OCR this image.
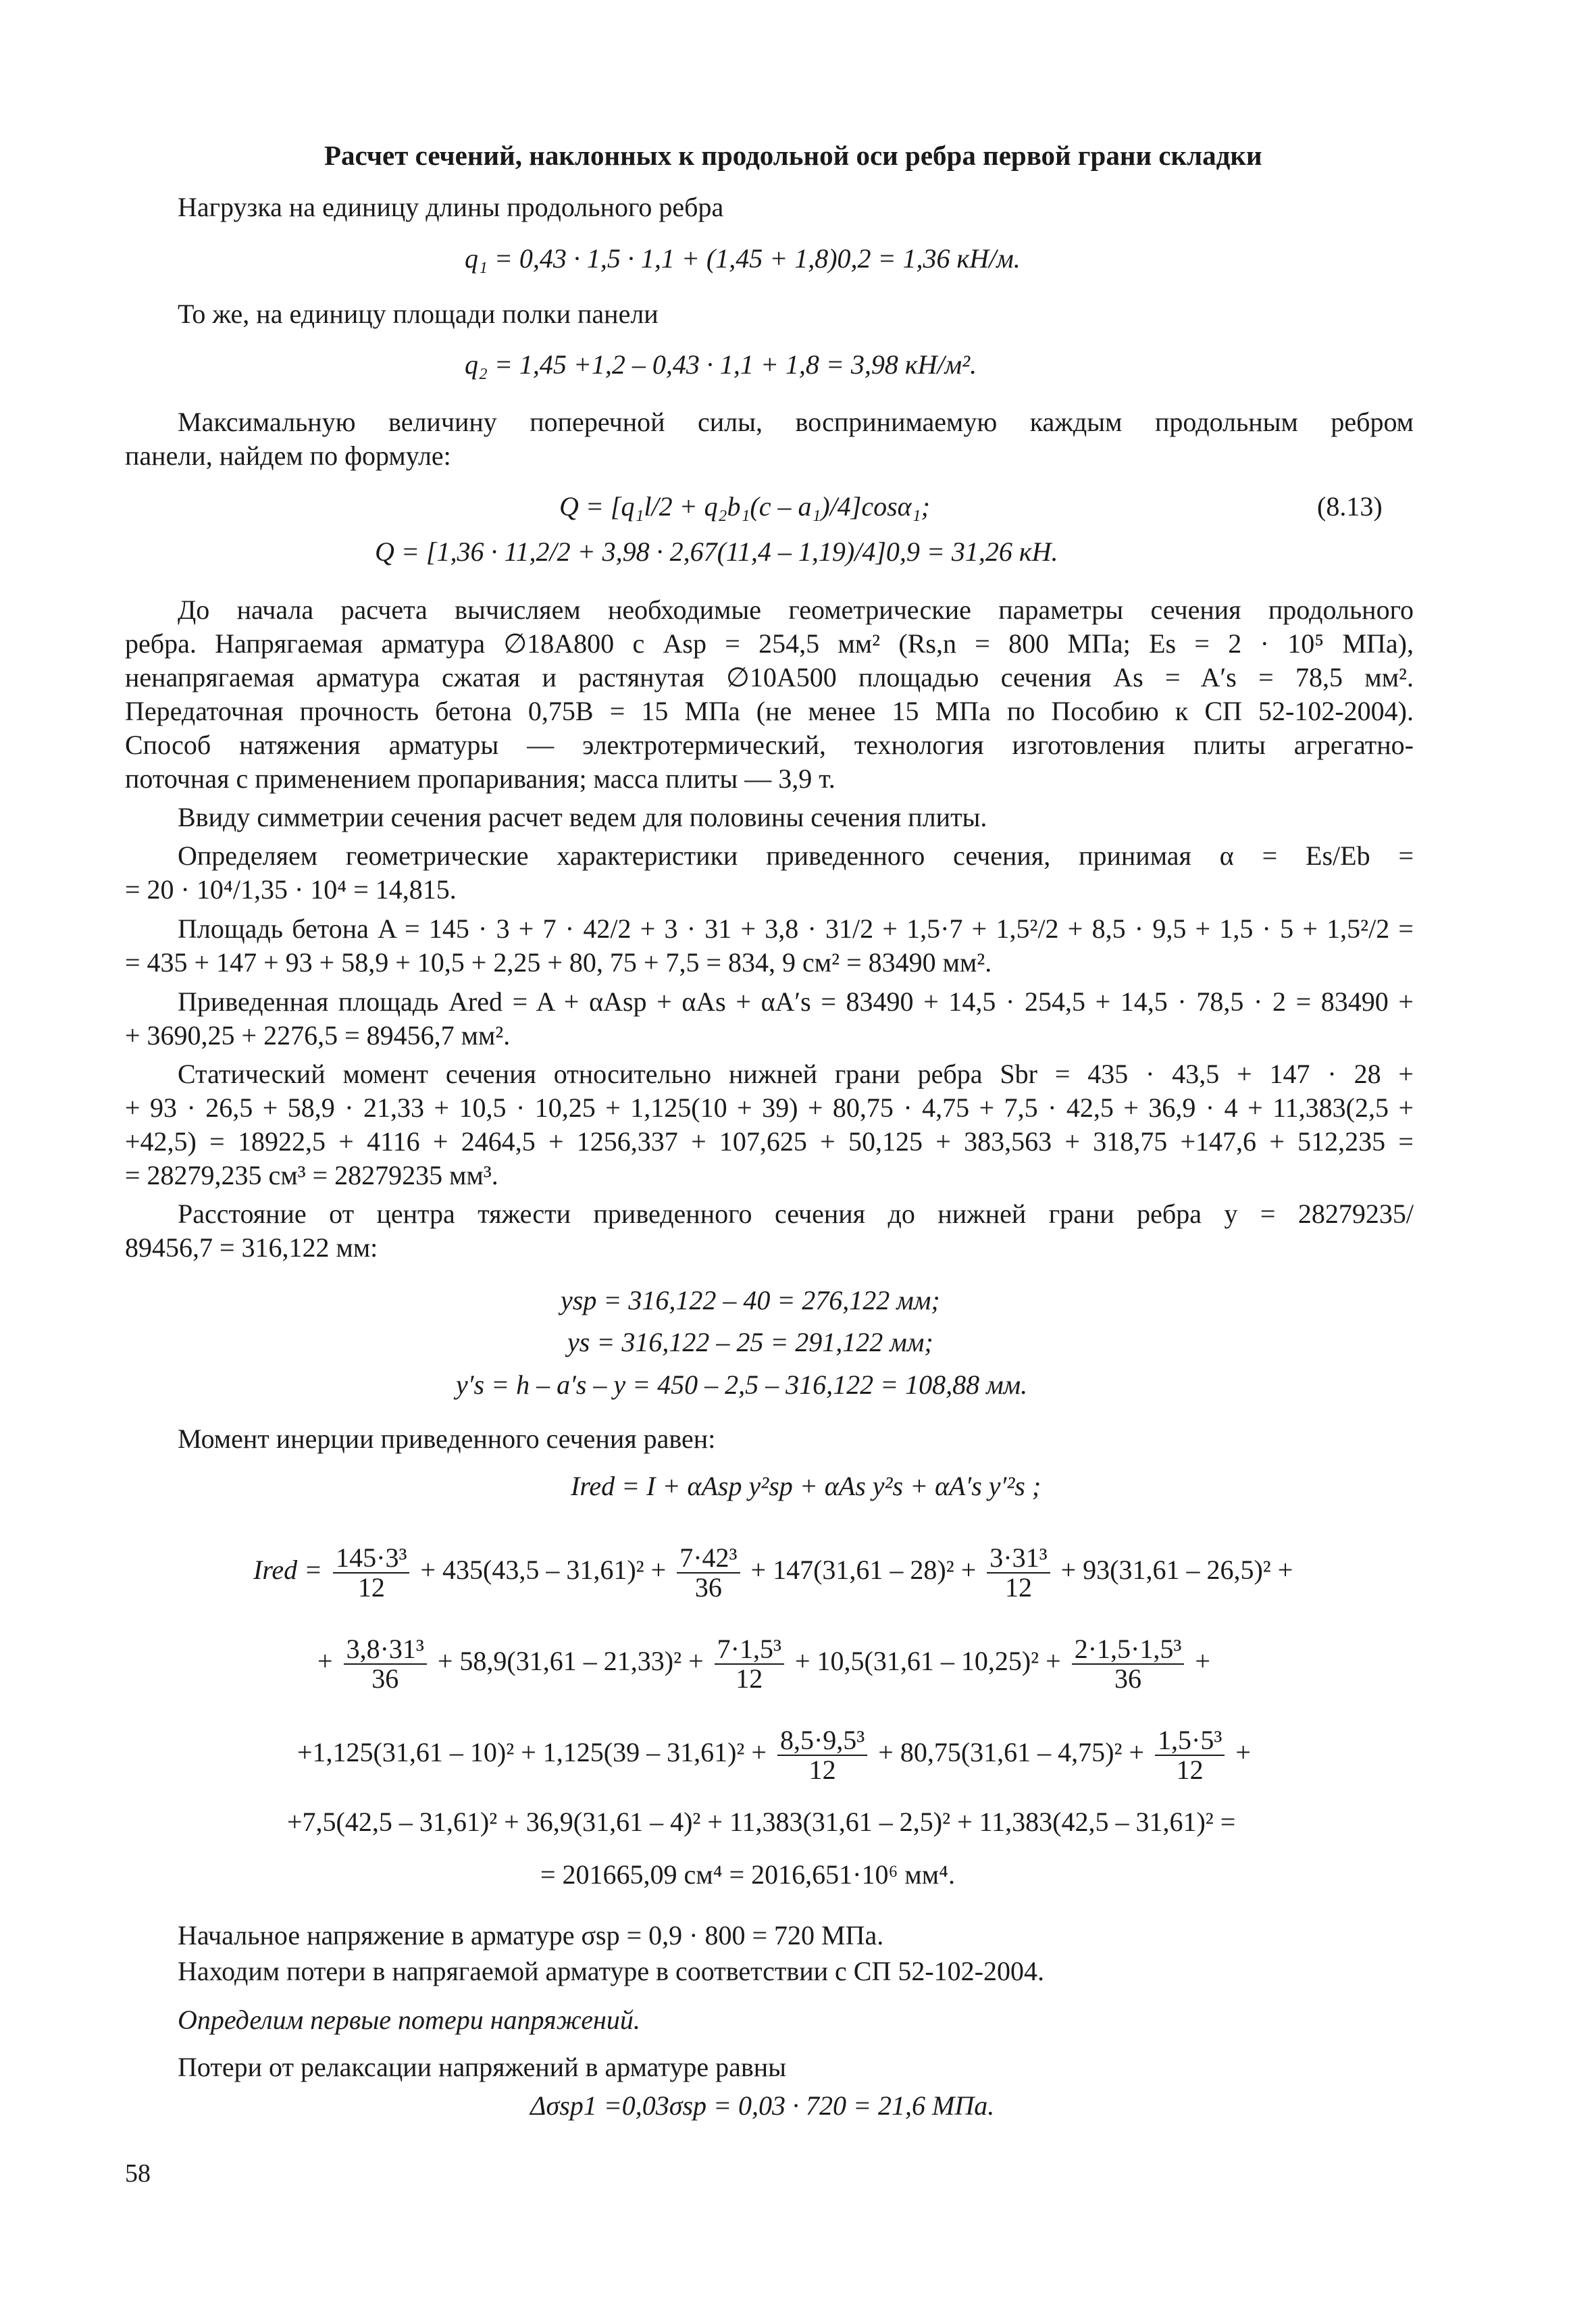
Расчет сечений, наклонных к продольной оси ребра первой грани складки
Нагрузка на единицу длины продольного ребра
q₁ = 0,43 · 1,5 · 1,1 + (1,45 + 1,8)0,2 = 1,36 кН/м.
То же, на единицу площади полки панели
q₂ = 1,45 +1,2 – 0,43 · 1,1 + 1,8 = 3,98 кН/м².
Максимальную величину поперечной силы, воспринимаемую каждым продольным ребром
панели, найдем по формуле:
Q = [q₁l/2 + q₂b₁(c – a₁)/4]cosα₁;	(8.13)
Q = [1,36 · 11,2/2 + 3,98 · 2,67(11,4 – 1,19)/4]0,9 = 31,26 кН.
До начала расчета вычисляем необходимые геометрические параметры сечения продольного
ребра. Напрягаемая арматура ∅18А800 с Asp = 254,5 мм² (Rs,n = 800 МПа; Es = 2 · 10⁵ МПа),
ненапрягаемая арматура сжатая и растянутая ∅10А500 площадью сечения As = A′s = 78,5 мм².
Передаточная прочность бетона 0,75В = 15 МПа (не менее 15 МПа по Пособию к СП 52-102-2004).
Способ натяжения арматуры — электротермический, технология изготовления плиты агрегатно-
поточная с применением пропаривания; масса плиты — 3,9 т.
Ввиду симметрии сечения расчет ведем для половины сечения плиты.
Определяем геометрические характеристики приведенного сечения, принимая α = Es/Eb =
= 20 · 10⁴/1,35 · 10⁴ = 14,815.
Площадь бетона A = 145 · 3 + 7 · 42/2 + 3 · 31 + 3,8 · 31/2 + 1,5·7 + 1,5²/2 + 8,5 · 9,5 + 1,5 · 5 + 1,5²/2 =
= 435 + 147 + 93 + 58,9 + 10,5 + 2,25 + 80, 75 + 7,5 = 834, 9 см² = 83490 мм².
Приведенная площадь Ared = A + αAsp + αAs + αA′s = 83490 + 14,5 · 254,5 + 14,5 · 78,5 · 2 = 83490 +
+ 3690,25 + 2276,5 = 89456,7 мм².
Статический момент сечения относительно нижней грани ребра Sbr = 435 · 43,5 + 147 · 28 +
+ 93 · 26,5 + 58,9 · 21,33 + 10,5 · 10,25 + 1,125(10 + 39) + 80,75 · 4,75 + 7,5 · 42,5 + 36,9 · 4 + 11,383(2,5 +
+42,5) = 18922,5 + 4116 + 2464,5 + 1256,337 + 107,625 + 50,125 + 383,563 + 318,75 +147,6 + 512,235 =
= 28279,235 см³ = 28279235 мм³.
Расстояние от центра тяжести приведенного сечения до нижней грани ребра y = 28279235/
89456,7 = 316,122 мм:
ysp = 316,122 – 40 = 276,122 мм;
ys = 316,122 – 25 = 291,122 мм;
y′s = h – a′s – y = 450 – 2,5 – 316,122 = 108,88 мм.
Момент инерции приведенного сечения равен:
Ired = I + αAsp y²sp + αAs y²s + αA′s y′²s ;
Ired = $\frac{\text{145·3³}}{12} + 435(43,5 - 31,61)^2 + \frac{\text{7·42³}}{36} + 147(31,61 - 28)^2 + \frac{\text{3·31³}}{12} + 93(31,61 - 26,5)^2$ +
+ $\frac{\text{3,8·31³}}{36} + 58,9(31,61 - 21,33)^2 + \frac{\text{7·1,5³}}{12} + 10,5(31,61 - 10,25)^2 + \frac{\text{2·1,5·1,5³}}{36}$ +
$+1,125(31,61 - 10)^2 + 1,125(39 - 31,61)^2 + \frac{\text{8,5·9,5³}}{12} + 80,75(31,61 - 4,75)^2 + \frac{\text{1,5·5³}}{12}$ +
+7,5(42,5 – 31,61)² + 36,9(31,61 – 4)² + 11,383(31,61 – 2,5)² + 11,383(42,5 – 31,61)² =
= 201665,09 см⁴ = 2016,651·10⁶ мм⁴.
Начальное напряжение в арматуре σsp = 0,9 · 800 = 720 МПа.
Находим потери в напрягаемой арматуре в соответствии с СП 52-102-2004.
Определим первые потери напряжений.
Потери от релаксации напряжений в арматуре равны
Δσsp1 =0,03σsp = 0,03 · 720 = 21,6 МПа.
58
